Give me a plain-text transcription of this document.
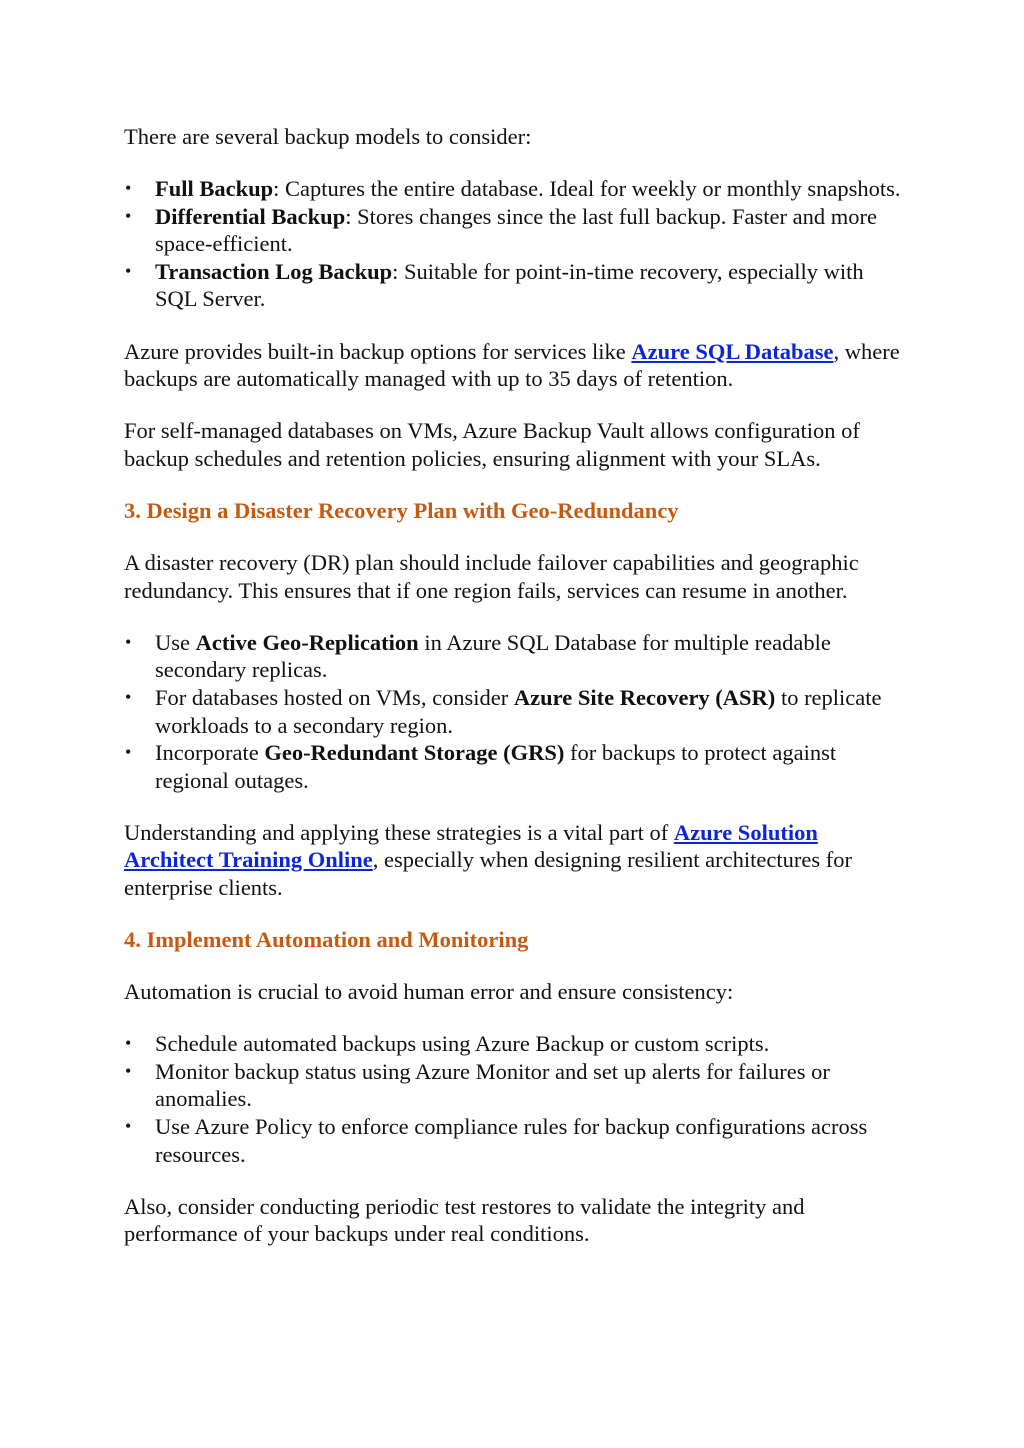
There are several backup models to consider:

• Full Backup: Captures the entire database. Ideal for weekly or monthly snapshots.
• Differential Backup: Stores changes since the last full backup. Faster and more space-efficient.
• Transaction Log Backup: Suitable for point-in-time recovery, especially with SQL Server.

Azure provides built-in backup options for services like Azure SQL Database, where backups are automatically managed with up to 35 days of retention.

For self-managed databases on VMs, Azure Backup Vault allows configuration of backup schedules and retention policies, ensuring alignment with your SLAs.

3. Design a Disaster Recovery Plan with Geo-Redundancy

A disaster recovery (DR) plan should include failover capabilities and geographic redundancy. This ensures that if one region fails, services can resume in another.

• Use Active Geo-Replication in Azure SQL Database for multiple readable secondary replicas.
• For databases hosted on VMs, consider Azure Site Recovery (ASR) to replicate workloads to a secondary region.
• Incorporate Geo-Redundant Storage (GRS) for backups to protect against regional outages.

Understanding and applying these strategies is a vital part of Azure Solution Architect Training Online, especially when designing resilient architectures for enterprise clients.

4. Implement Automation and Monitoring

Automation is crucial to avoid human error and ensure consistency:

• Schedule automated backups using Azure Backup or custom scripts.
• Monitor backup status using Azure Monitor and set up alerts for failures or anomalies.
• Use Azure Policy to enforce compliance rules for backup configurations across resources.

Also, consider conducting periodic test restores to validate the integrity and performance of your backups under real conditions.
